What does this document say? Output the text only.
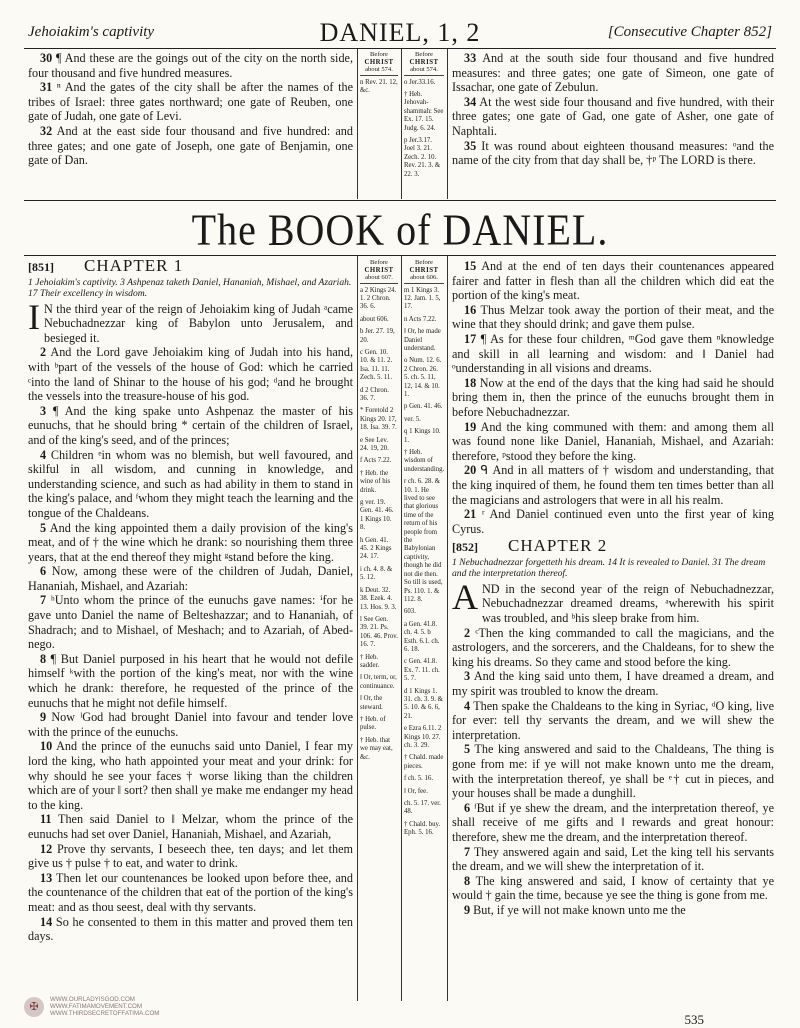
Jehoiakim's captivity	DANIEL, 1, 2	[Consecutive Chapter 852]

30 ¶ And these are the goings out of the city on the north side, four thousand and five hundred measures.

31 ⁿ And the gates of the city shall be after the names of the tribes of Israel: three gates northward; one gate of Reuben, one gate of Judah, one gate of Levi.

32 And at the east side four thousand and five hundred: and three gates; and one gate of Joseph, one gate of Benjamin, one gate of Dan.

Before
CHRIST
about 574.
n Rev. 21. 12, &c.
Before
CHRIST
about 574.
o Jer.33.16.
† Heb. Jehovah-shammah: See Ex. 17. 15. Judg. 6. 24.
p Jer.3.17. Joel 3. 21. Zech. 2. 10. Rev. 21. 3. & 22. 3.

33 And at the south side four thousand and five hundred measures: and three gates; one gate of Simeon, one gate of Issachar, one gate of Zebulun.

34 At the west side four thousand and five hundred, with their three gates; one gate of Gad, one gate of Asher, one gate of Naphtali.

35 It was round about eighteen thousand measures: ᵒand the name of the city from that day shall be, †ᵖ The LORD is there.

The BOOK of DANIEL.
[851] CHAPTER 1

1 Jehoiakim's captivity. 3 Ashpenaz taketh Daniel, Hananiah, Mishael, and Azariah. 17 Their excellency in wisdom.

I N the third year of the reign of Jehoiakim king of Judah ᵃcame Nebuchadnezzar king of Babylon unto Jerusalem, and besieged it.

2 And the Lord gave Jehoiakim king of Judah into his hand, with ᵇpart of the vessels of the house of God: which he carried ᶜinto the land of Shinar to the house of his god; ᵈand he brought the vessels into the treasure-house of his god.

3 ¶ And the king spake unto Ashpenaz the master of his eunuchs, that he should bring * certain of the children of Israel, and of the king's seed, and of the princes;

4 Children ᵉin whom was no blemish, but well favoured, and skilful in all wisdom, and cunning in knowledge, and understanding science, and such as had ability in them to stand in the king's palace, and ᶠwhom they might teach the learning and the tongue of the Chaldeans.

5 And the king appointed them a daily provision of the king's meat, and of † the wine which he drank: so nourishing them three years, that at the end thereof they might ᵍstand before the king.

6 Now, among these were of the children of Judah, Daniel, Hananiah, Mishael, and Azariah:

7 ʰUnto whom the prince of the eunuchs gave names: ⁱfor he gave unto Daniel the name of Belteshazzar; and to Hananiah, of Shadrach; and to Mishael, of Meshach; and to Azariah, of Abed-nego.

8 ¶ But Daniel purposed in his heart that he would not defile himself ᵏwith the portion of the king's meat, nor with the wine which he drank: therefore, he requested of the prince of the eunuchs that he might not defile himself.

9 Now ˡGod had brought Daniel into favour and tender love with the prince of the eunuchs.

10 And the prince of the eunuchs said unto Daniel, I fear my lord the king, who hath appointed your meat and your drink: for why should he see your faces † worse liking than the children which are of your ‖ sort? then shall ye make me endanger my head to the king.

11 Then said Daniel to ‖ Melzar, whom the prince of the eunuchs had set over Daniel, Hananiah, Mishael, and Azariah,

12 Prove thy servants, I beseech thee, ten days; and let them give us † pulse † to eat, and water to drink.

13 Then let our countenances be looked upon before thee, and the countenance of the children that eat of the portion of the king's meat: and as thou seest, deal with thy servants.

14 So he consented to them in this matter and proved them ten days.

Before
CHRIST
about 607.
a 2 Kings 24. 1. 2 Chron. 36. 6.
about 606.
b Jer. 27. 19, 20.
c Gen. 10. 10. & 11. 2. Isa. 11. 11. Zech. 5. 11.
d 2 Chron. 36. 7.
* Foretold 2 Kings 20. 17, 18. Isa. 39. 7.
e See Lev. 24. 19, 20.
f Acts 7.22.
† Heb. the wine of his drink.
g ver. 19. Gen. 41. 46. 1 Kings 10. 8.
h Gen. 41. 45. 2 Kings 24. 17.
i ch. 4. 8. & 5. 12.
k Deut. 32. 38. Ezek. 4. 13. Hos. 9. 3.
l See Gen. 39. 21. Ps. 106. 46. Prov. 16. 7.
† Heb. sadder.
‖ Or, term, or, continuance.
‖ Or, the steward.
† Heb. of pulse.
† Heb. that we may eat, &c.
Before
CHRIST
about 606.
m 1 Kings 3. 12. Jam. 1. 5, 17.
n Acts 7.22.
‖ Or, he made Daniel understand.
o Num. 12. 6. 2 Chron. 26. 5. ch. 5. 11, 12, 14. & 10. 1.
p Gen. 41. 46.
ver. 5.
q 1 Kings 10. 1.
† Heb. wisdom of understanding.
r ch. 6. 28. & 10. 1. He lived to see that glorious time of the return of his people from the Babylonian captivity, though he did not die then. So till is used, Ps. 110. 1. & 112. 8.
603.
a Gen. 41.8. ch. 4. 5. b Esth. 6.1. ch. 6. 18.
c Gen. 41.8. Ex. 7. 11. ch. 5. 7.
d 1 Kings 1. 31. ch. 3. 9. & 5. 10. & 6. 6, 21.
e Ezra 6.11. 2 Kings 10. 27. ch. 3. 29.
† Chald. made pieces.
f ch. 5. 16.
‖ Or, fee.
ch. 5. 17. ver. 48.
† Chald. buy. Eph. 5. 16.

15 And at the end of ten days their countenances appeared fairer and fatter in flesh than all the children which did eat the portion of the king's meat.

16 Thus Melzar took away the portion of their meat, and the wine that they should drink; and gave them pulse.

17 ¶ As for these four children, ᵐGod gave them ⁿknowledge and skill in all learning and wisdom: and ‖ Daniel had ᵒunderstanding in all visions and dreams.

18 Now at the end of the days that the king had said he should bring them in, then the prince of the eunuchs brought them in before Nebuchadnezzar.

19 And the king communed with them: and among them all was found none like Daniel, Hananiah, Mishael, and Azariah: therefore, ᵖstood they before the king.

20 ᑫ And in all matters of † wisdom and understanding, that the king inquired of them, he found them ten times better than all the magicians and astrologers that were in all his realm.

21 ʳ And Daniel continued even unto the first year of king Cyrus.

[852] CHAPTER 2

1 Nebuchadnezzar forgetteth his dream. 14 It is revealed to Daniel. 31 The dream and the interpretation thereof.

AND in the second year of the reign of Nebuchadnezzar, Nebuchadnezzar dreamed dreams, ᵃwherewith his spirit was troubled, and ᵇhis sleep brake from him.

2 ᶜThen the king commanded to call the magicians, and the astrologers, and the sorcerers, and the Chaldeans, for to shew the king his dreams. So they came and stood before the king.

3 And the king said unto them, I have dreamed a dream, and my spirit was troubled to know the dream.

4 Then spake the Chaldeans to the king in Syriac, ᵈO king, live for ever: tell thy servants the dream, and we will shew the interpretation.

5 The king answered and said to the Chaldeans, The thing is gone from me: if ye will not make known unto me the dream, with the interpretation thereof, ye shall be ᵉ† cut in pieces, and your houses shall be made a dunghill.

6 ᶠBut if ye shew the dream, and the interpretation thereof, ye shall receive of me gifts and ‖ rewards and great honour: therefore, shew me the dream, and the interpretation thereof.

7 They answered again and said, Let the king tell his servants the dream, and we will shew the interpretation of it.

8 The king answered and said, I know of certainty that ye would † gain the time, because ye see the thing is gone from me.

9 But, if ye will not make known unto me the

535
✠
WWW.OURLADYISGOD.COM
WWW.FATIMAMOVEMENT.COM
WWW.THIRDSECRETOFFATIMA.COM
